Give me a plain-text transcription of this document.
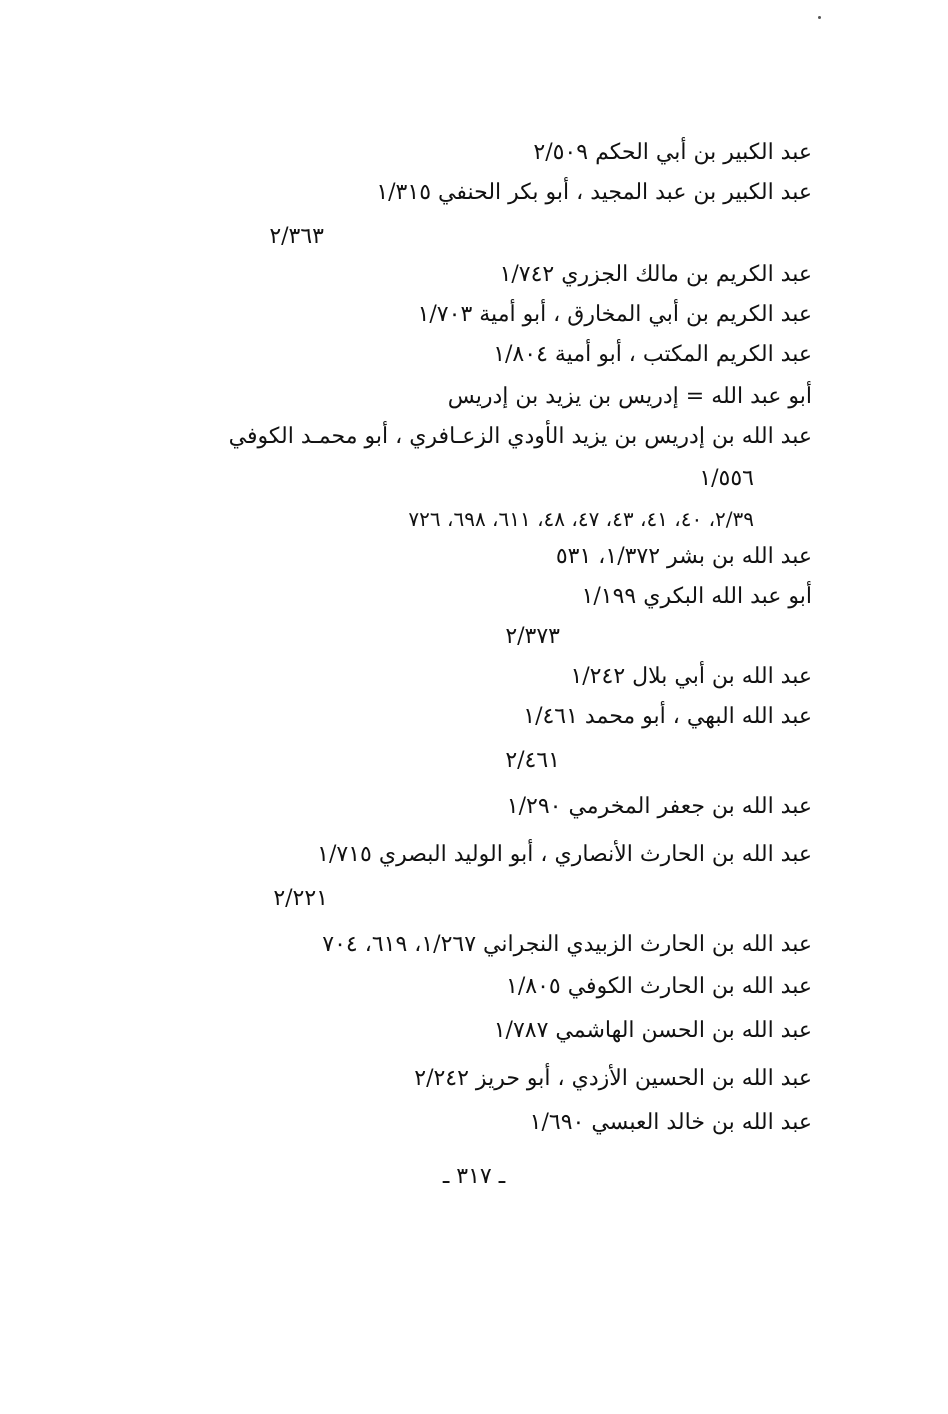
عبد الكبير بن أبي الحكم ٢/٥٠٩
عبد الكبير بن عبد المجيد ، أبو بكر الحنفي ١/٣١٥
٢/٣٦٣
عبد الكريم بن مالك الجزري ١/٧٤٢
عبد الكريم بن أبي المخارق ، أبو أمية ١/٧٠٣
عبد الكريم المكتب ، أبو أمية ١/٨٠٤
أبو عبد الله = إدريس بن يزيد بن إدريس
عبد الله بن إدريس بن يزيد الأودي الزعـافري ، أبو محمـد الكوفي
١/٥٥٦
٢/٣٩، ٤٠، ٤١، ٤٣، ٤٧، ٤٨، ٦١١، ٦٩٨، ٧٢٦
عبد الله بن بشر ١/٣٧٢، ٥٣١
أبو عبد الله البكري ١/١٩٩
٢/٣٧٣
عبد الله بن أبي بلال ١/٢٤٢
عبد الله البهي ، أبو محمد ١/٤٦١
٢/٤٦١
عبد الله بن جعفر المخرمي ١/٢٩٠
عبد الله بن الحارث الأنصاري ، أبو الوليد البصري ١/٧١٥
٢/٢٢١
عبد الله بن الحارث الزبيدي النجراني ١/٢٦٧، ٦١٩، ٧٠٤
عبد الله بن الحارث الكوفي ١/٨٠٥
عبد الله بن الحسن الهاشمي ١/٧٨٧
عبد الله بن الحسين الأزدي ، أبو حريز ٢/٢٤٢
عبد الله بن خالد العبسي ١/٦٩٠
ـ ٣١٧ ـ
